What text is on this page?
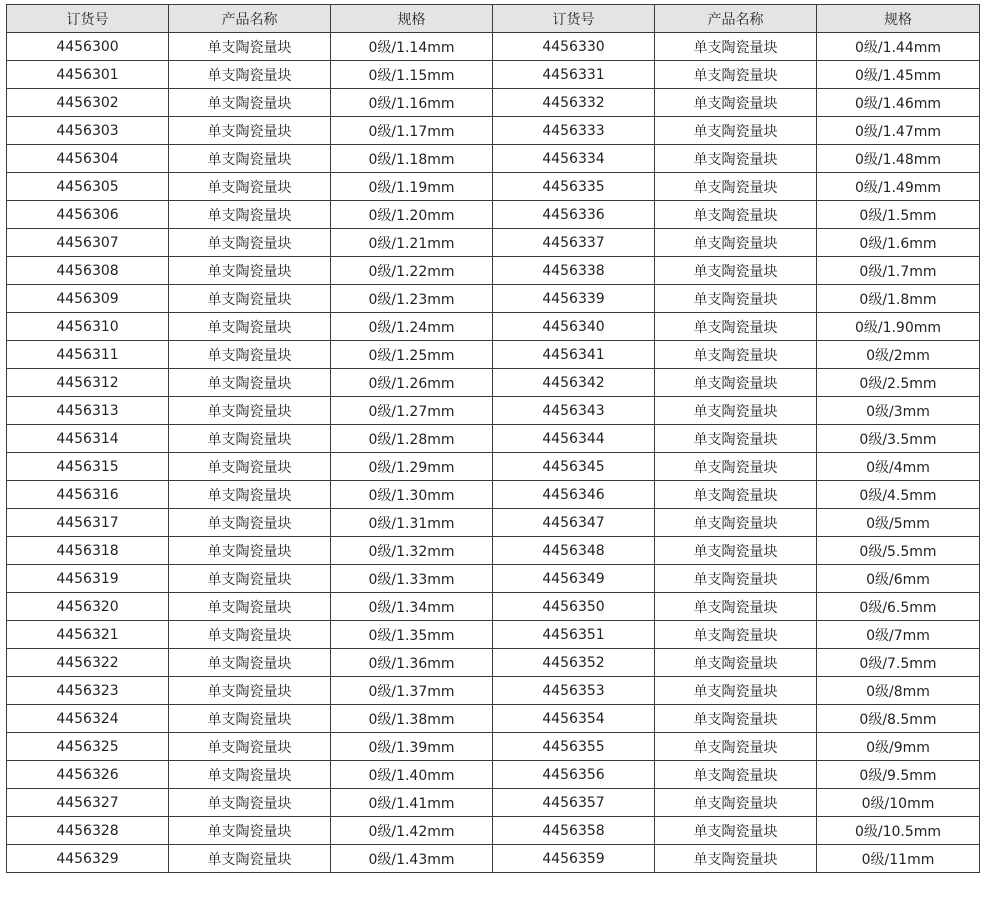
订货号	产品名称	规格	订货号	产品名称	规格
4456300	单支陶瓷量块	0级/1.14mm	4456330	单支陶瓷量块	0级/1.44mm
4456301	单支陶瓷量块	0级/1.15mm	4456331	单支陶瓷量块	0级/1.45mm
4456302	单支陶瓷量块	0级/1.16mm	4456332	单支陶瓷量块	0级/1.46mm
4456303	单支陶瓷量块	0级/1.17mm	4456333	单支陶瓷量块	0级/1.47mm
4456304	单支陶瓷量块	0级/1.18mm	4456334	单支陶瓷量块	0级/1.48mm
4456305	单支陶瓷量块	0级/1.19mm	4456335	单支陶瓷量块	0级/1.49mm
4456306	单支陶瓷量块	0级/1.20mm	4456336	单支陶瓷量块	0级/1.5mm
4456307	单支陶瓷量块	0级/1.21mm	4456337	单支陶瓷量块	0级/1.6mm
4456308	单支陶瓷量块	0级/1.22mm	4456338	单支陶瓷量块	0级/1.7mm
4456309	单支陶瓷量块	0级/1.23mm	4456339	单支陶瓷量块	0级/1.8mm
4456310	单支陶瓷量块	0级/1.24mm	4456340	单支陶瓷量块	0级/1.90mm
4456311	单支陶瓷量块	0级/1.25mm	4456341	单支陶瓷量块	0级/2mm
4456312	单支陶瓷量块	0级/1.26mm	4456342	单支陶瓷量块	0级/2.5mm
4456313	单支陶瓷量块	0级/1.27mm	4456343	单支陶瓷量块	0级/3mm
4456314	单支陶瓷量块	0级/1.28mm	4456344	单支陶瓷量块	0级/3.5mm
4456315	单支陶瓷量块	0级/1.29mm	4456345	单支陶瓷量块	0级/4mm
4456316	单支陶瓷量块	0级/1.30mm	4456346	单支陶瓷量块	0级/4.5mm
4456317	单支陶瓷量块	0级/1.31mm	4456347	单支陶瓷量块	0级/5mm
4456318	单支陶瓷量块	0级/1.32mm	4456348	单支陶瓷量块	0级/5.5mm
4456319	单支陶瓷量块	0级/1.33mm	4456349	单支陶瓷量块	0级/6mm
4456320	单支陶瓷量块	0级/1.34mm	4456350	单支陶瓷量块	0级/6.5mm
4456321	单支陶瓷量块	0级/1.35mm	4456351	单支陶瓷量块	0级/7mm
4456322	单支陶瓷量块	0级/1.36mm	4456352	单支陶瓷量块	0级/7.5mm
4456323	单支陶瓷量块	0级/1.37mm	4456353	单支陶瓷量块	0级/8mm
4456324	单支陶瓷量块	0级/1.38mm	4456354	单支陶瓷量块	0级/8.5mm
4456325	单支陶瓷量块	0级/1.39mm	4456355	单支陶瓷量块	0级/9mm
4456326	单支陶瓷量块	0级/1.40mm	4456356	单支陶瓷量块	0级/9.5mm
4456327	单支陶瓷量块	0级/1.41mm	4456357	单支陶瓷量块	0级/10mm
4456328	单支陶瓷量块	0级/1.42mm	4456358	单支陶瓷量块	0级/10.5mm
4456329	单支陶瓷量块	0级/1.43mm	4456359	单支陶瓷量块	0级/11mm
